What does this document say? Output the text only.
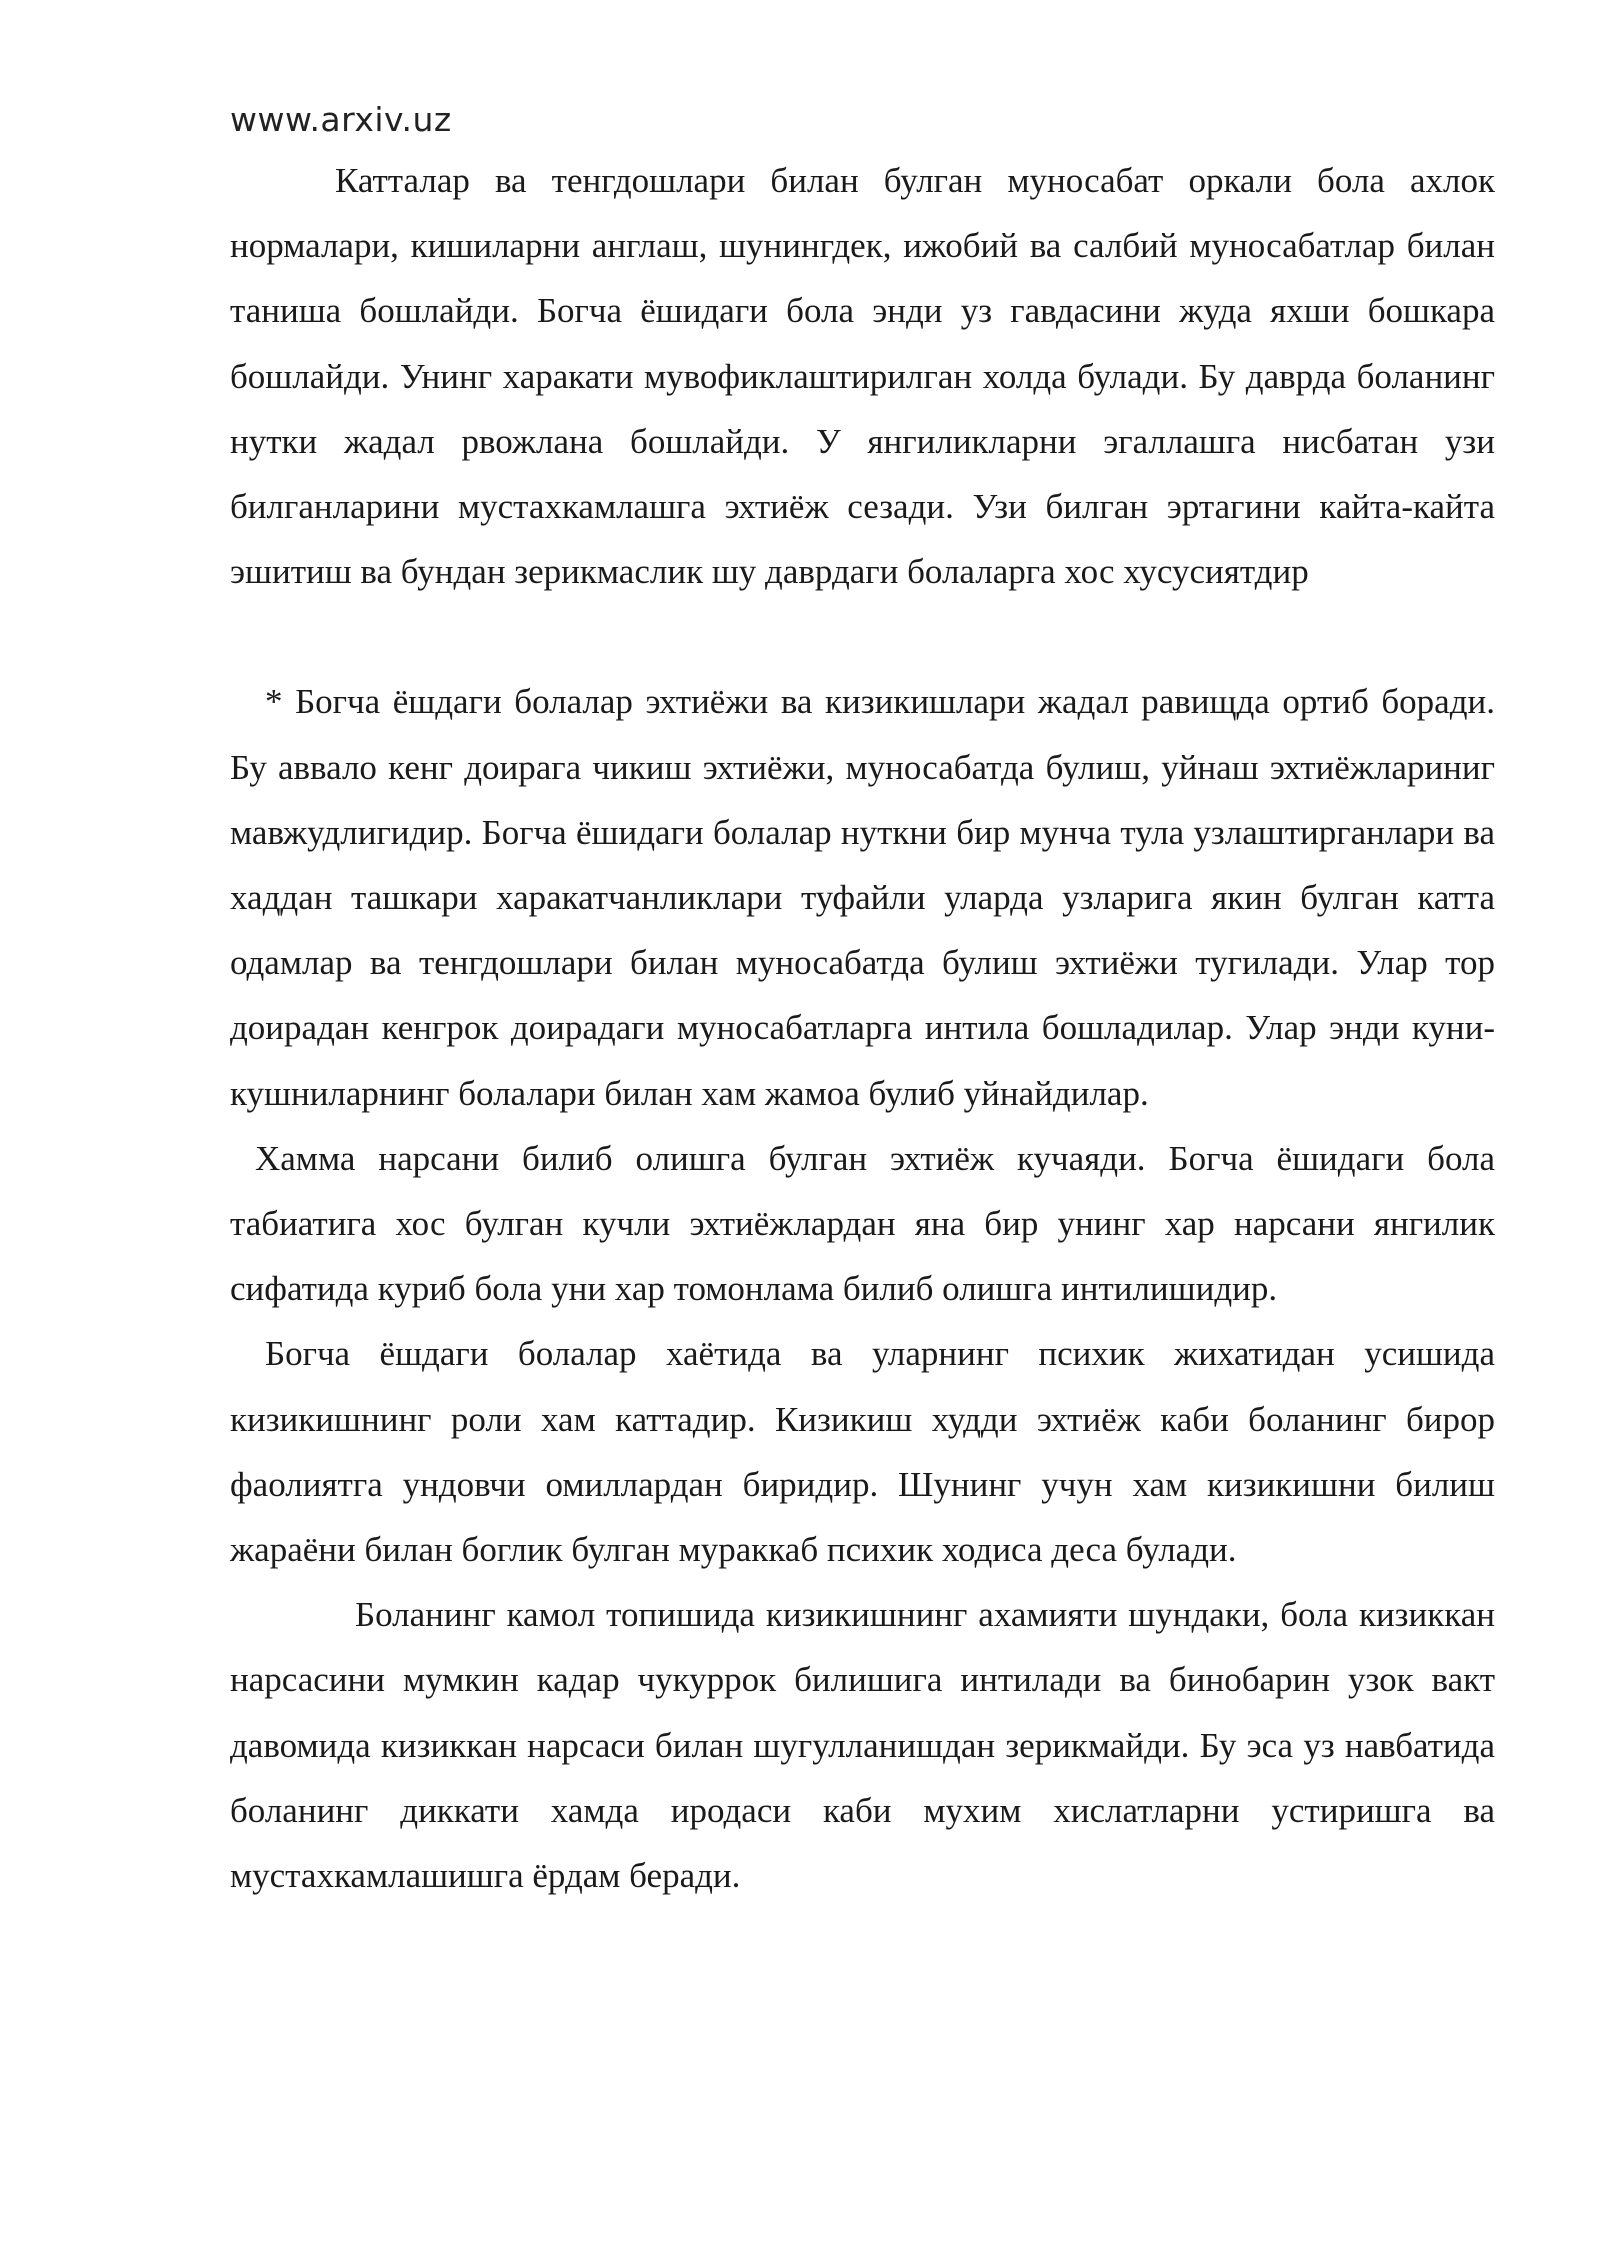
www.arxiv.uz

Катталар ва тенгдошлари билан булган муносабат оркали бола ахлок нормалари, кишиларни англаш, шунингдек, ижобий ва салбий муносабатлар билан таниша бошлайди. Богча ёшидаги бола энди уз гавдасини жуда яхши бошкара бошлайди. Унинг харакати мувофиклаштирилган холда булади. Бу даврда боланинг нутки жадал рвожлана бошлайди. У янгиликларни эгаллашга нисбатан узи билганларини мустахкамлашга эхтиёж сезади. Узи билган эртагини кайта-кайта эшитиш ва бундан зерикмаслик шу даврдаги болаларга хос хусусиятдир

* Богча ёшдаги болалар эхтиёжи ва кизикишлари жадал равищда ортиб боради. Бу аввало кенг доирага чикиш эхтиёжи, муносабатда булиш, уйнаш эхтиёжлариниг мавжудлигидир. Богча ёшидаги болалар нуткни бир мунча тула узлаштирганлари ва хаддан ташкари харакатчанликлари туфайли уларда узларига якин булган катта одамлар ва тенгдошлари билан муносабатда булиш эхтиёжи тугилади. Улар тор доирадан кенгрок доирадаги муносабатларга интила бошладилар. Улар энди куни-кушниларнинг болалари билан хам жамоа булиб уйнайдилар.

Хамма нарсани билиб олишга булган эхтиёж кучаяди. Богча ёшидаги бола табиатига хос булган кучли эхтиёжлардан яна бир унинг хар нарсани янгилик сифатида куриб бола уни хар томонлама билиб олишга интилишидир.

Богча ёшдаги болалар хаётида ва уларнинг психик жихатидан усишида кизикишнинг роли хам каттадир. Кизикиш худди эхтиёж каби боланинг бирор фаолиятга ундовчи омиллардан биридир. Шунинг учун хам кизикишни билиш жараёни билан боглик булган мураккаб психик ходиса деса булади.

Боланинг камол топишида кизикишнинг ахамияти шундаки, бола кизиккан нарсасини мумкин кадар чукуррок билишига интилади ва бинобарин узок вакт давомида кизиккан нарсаси билан шугулланишдан зерикмайди. Бу эса уз навбатида боланинг диккати хамда иродаси каби мухим хислатларни устиришга ва мустахкамлашишга ёрдам беради.
